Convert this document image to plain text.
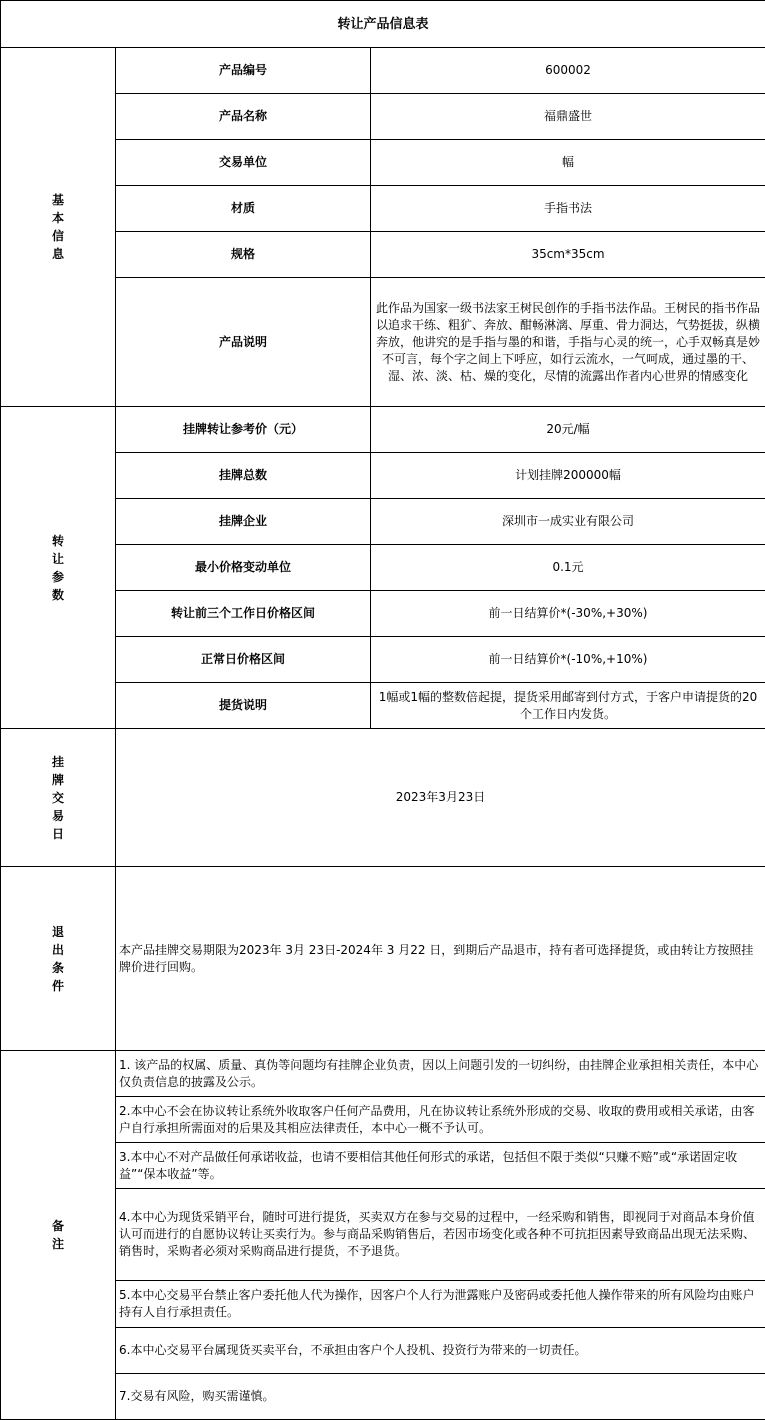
转让产品信息表		
基
本
信
息	产品编号	600002
	产品名称	福鼎盛世
	交易单位	幅
	材质	手指书法
	规格	35cm*35cm
	产品说明	此作品为国家一级书法家王树民创作的手指书法作品。王树民的指书作品以追求干练、粗犷、奔放、酣畅淋漓、厚重、骨力洞达，气势挺拔，纵横奔放，他讲究的是手指与墨的和谐，手指与心灵的统一，心手双畅真是妙不可言，每个字之间上下呼应，如行云流水，一气呵成，通过墨的干、湿、浓、淡、枯、燥的变化，尽情的流露出作者内心世界的情感变化
转
让
参
数	挂牌转让参考价（元）	20元/幅
	挂牌总数	计划挂牌200000幅
	挂牌企业	深圳市一成实业有限公司
	最小价格变动单位	0.1元
	转让前三个工作日价格区间	前一日结算价*(-30%,+30%)
	正常日价格区间	前一日结算价*(-10%,+10%)
	提货说明	1幅或1幅的整数倍起提，提货采用邮寄到付方式，于客户申请提货的20个工作日内发货。
挂
牌
交
易
日	2023年3月23日	
退
出
条
件	本产品挂牌交易期限为2023年 3月 23日-2024年 3 月22 日，到期后产品退市，持有者可选择提货，或由转让方按照挂牌价进行回购。	
备
注	1. 该产品的权属、质量、真伪等问题均有挂牌企业负责，因以上问题引发的一切纠纷，由挂牌企业承担相关责任，本中心仅负责信息的披露及公示。	
	2.本中心不会在协议转让系统外收取客户任何产品费用，凡在协议转让系统外形成的交易、收取的费用或相关承诺，由客户自行承担所需面对的后果及其相应法律责任，本中心一概不予认可。	
	3.本中心不对产品做任何承诺收益，也请不要相信其他任何形式的承诺，包括但不限于类似“只赚不赔”或“承诺固定收益”“保本收益”等。	
	4.本中心为现货采销平台，随时可进行提货，买卖双方在参与交易的过程中，一经采购和销售，即视同于对商品本身价值认可而进行的自愿协议转让买卖行为。参与商品采购销售后，若因市场变化或各种不可抗拒因素导致商品出现无法采购、销售时，采购者必须对采购商品进行提货，不予退货。	
	5.本中心交易平台禁止客户委托他人代为操作，因客户个人行为泄露账户及密码或委托他人操作带来的所有风险均由账户持有人自行承担责任。	
	6.本中心交易平台属现货买卖平台，不承担由客户个人投机、投资行为带来的一切责任。	
	7.交易有风险，购买需谨慎。	
